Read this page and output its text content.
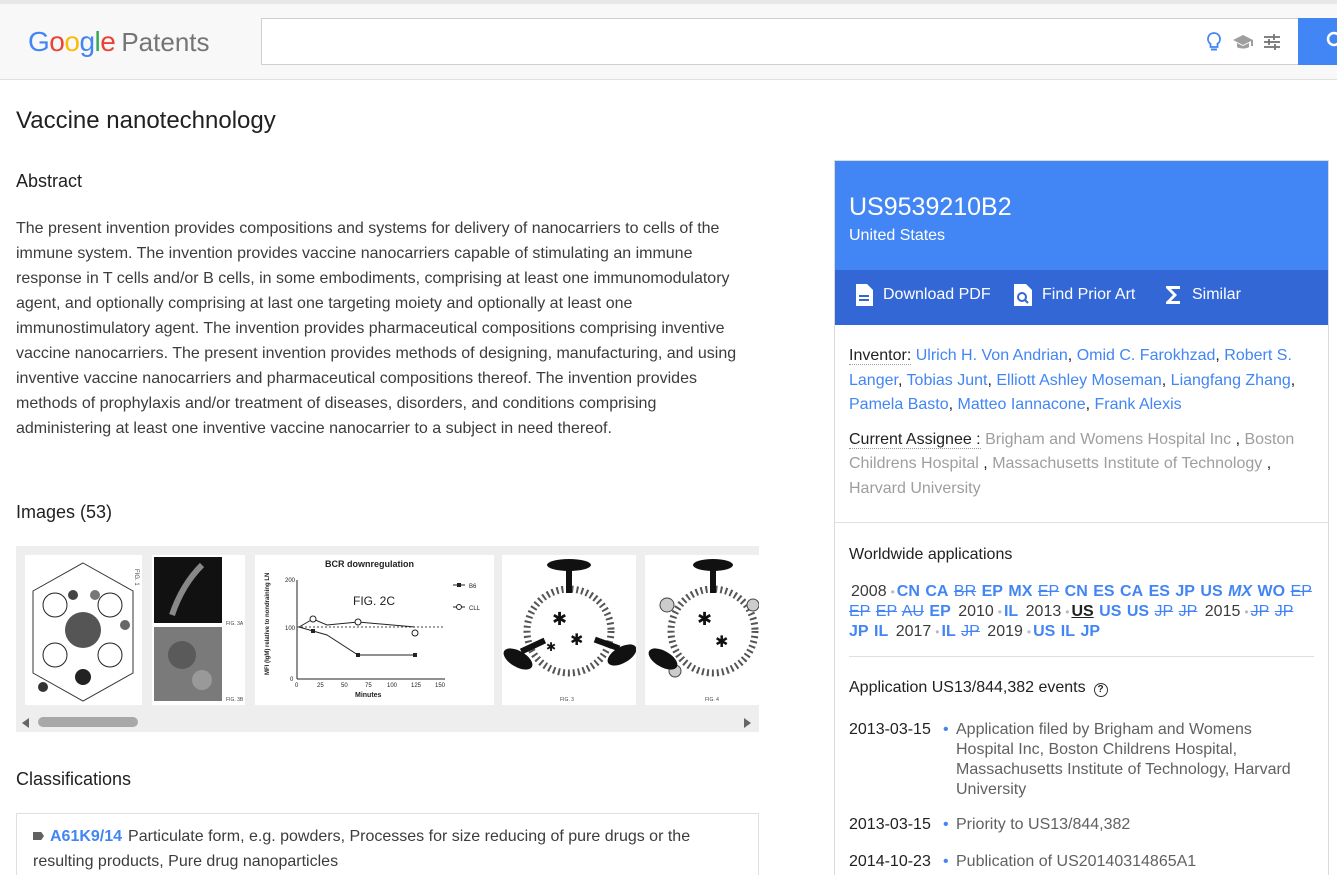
Google Patents
Vaccine nanotechnology
Abstract
The present invention provides compositions and systems for delivery of nanocarriers to cells of the immune system. The invention provides vaccine nanocarriers capable of stimulating an immune response in T cells and/or B cells, in some embodiments, comprising at least one immunomodulatory agent, and optionally comprising at last one targeting moiety and optionally at least one immunostimulatory agent. The invention provides pharmaceutical compositions comprising inventive vaccine nanocarriers. The present invention provides methods of designing, manufacturing, and using inventive vaccine nanocarriers and pharmaceutical compositions thereof. The invention provides methods of prophylaxis and/or treatment of diseases, disorders, and conditions comprising administering at least one inventive vaccine nanocarrier to a subject in need thereof.
Images (53)
FIG. 1
FIG. 3A
FIG. 3B
BCR downregulation
FIG. 2C
200
100
0
0	25	50	75	100 125 150
Minutes
MFI (IgM) relative to nondraining LN	B6
CLL	✱
✱
✱
FIG. 3
✱
✱
FIG. 4
Classifications
A61K9/14 Particulate form, e.g. powders, Processes for size reducing of pure drugs or the resulting products, Pure drug nanoparticles
US9539210B2
United States
Download PDF	Find Prior Art	Similar
Inventor: Ulrich H. Von Andrian, Omid C. Farokhzad, Robert S. Langer, Tobias Junt, Elliott Ashley Moseman, Liangfang Zhang, Pamela Basto, Matteo Iannacone, Frank Alexis
Current Assignee : Brigham and Womens Hospital Inc , Boston Childrens Hospital , Massachusetts Institute of Technology , Harvard University
Worldwide applications
2008 • CN CA BR EP MX EP CN ES CA ES JP US MX WO EP EP EP AU EP 2010 • IL 2013 • US US US JP JP 2015 • JP JP JP IL 2017 • IL JP 2019 • US IL JP
Application US13/844,382 events ?
2013-03-15 • Application filed by Brigham and Womens Hospital Inc, Boston Childrens Hospital, Massachusetts Institute of Technology, Harvard University
2013-03-15 • Priority to US13/844,382
2014-10-23 • Publication of US20140314865A1
